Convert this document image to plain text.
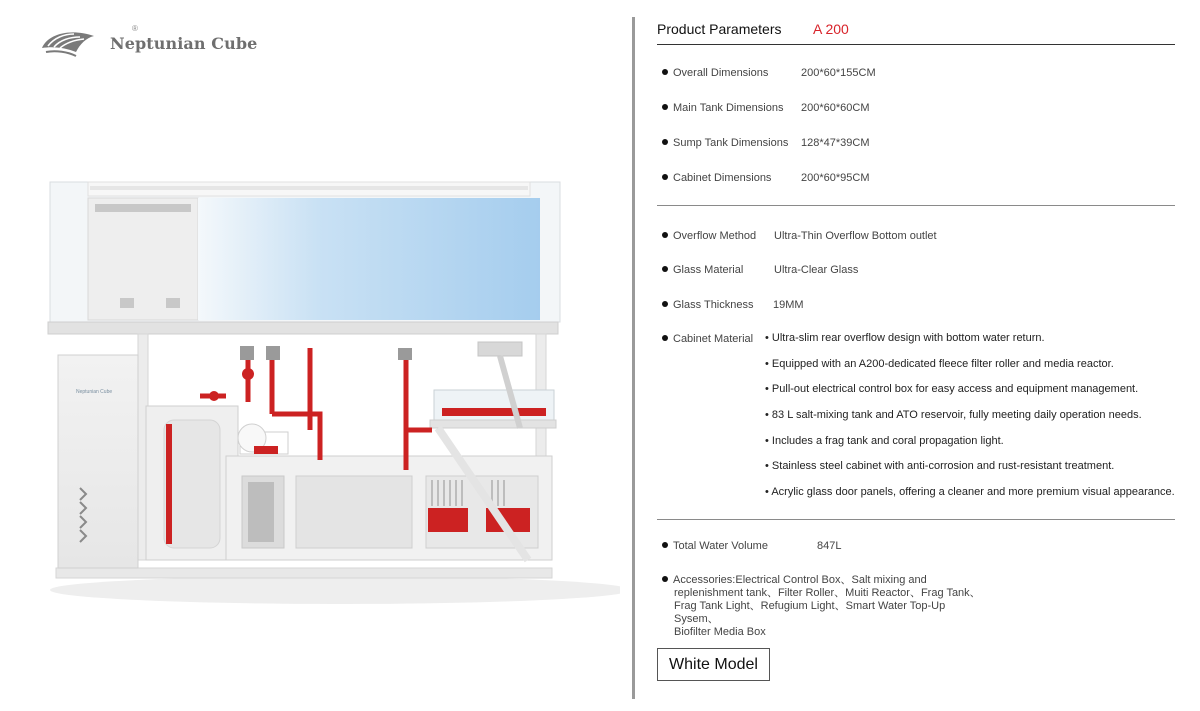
Neptunian Cube
®
Neptunian Cube
Product Parameters A 200
Overall Dimensions	200*60*155CM
Main Tank Dimensions 200*60*60CM
Sump Tank Dimensions 128*47*39CM
Cabinet Dimensions	200*60*95CM
Overflow Method Ultra-Thin Overflow Bottom outlet
Glass Material	Ultra-Clear Glass
Glass Thickness 19MM
Cabinet Material
•	Ultra-slim rear overflow design with bottom water return.
• Equipped with an A200-dedicated fleece filter roller and media reactor.
• Pull-out electrical control box for easy access and equipment management.
• 83 L salt-mixing tank and ATO reservoir, fully meeting daily operation needs.
• Includes a frag tank and coral propagation light.
• Stainless steel cabinet with anti-corrosion and rust-resistant treatment.
• Acrylic glass door panels, offering a cleaner and more premium visual appearance.
Total Water Volume	847L
Accessories:Electrical Control Box、Salt mixing and
replenishment tank、Filter Roller、Muiti Reactor、Frag Tank、
Frag Tank Light、Refugium Light、Smart Water Top-Up Sysem、
Biofilter Media Box
White Model
